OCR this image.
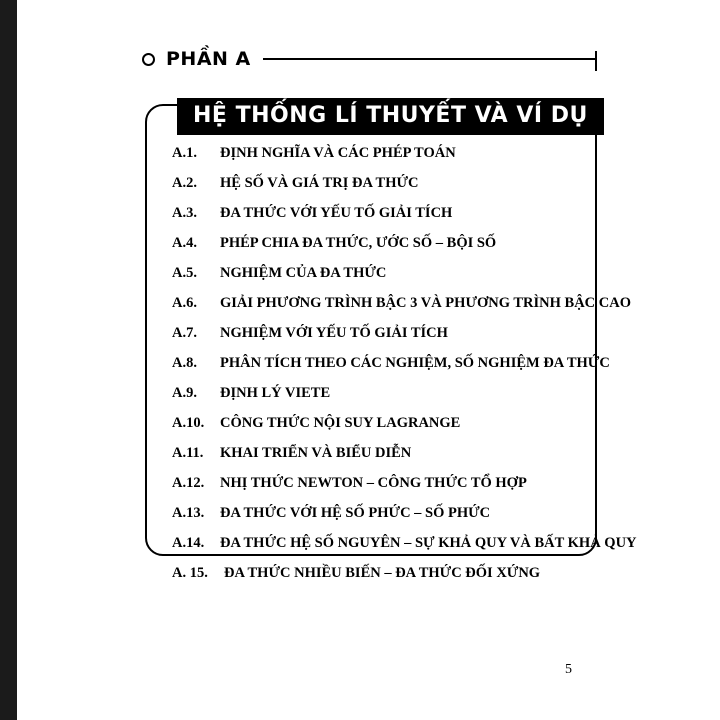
PHẦN A
HỆ THỐNG LÍ THUYẾT VÀ VÍ DỤ
A.1.	ĐỊNH NGHĨA VÀ CÁC PHÉP TOÁN
A.2.	HỆ SỐ VÀ GIÁ TRỊ ĐA THỨC
A.3.	ĐA THỨC VỚI YẾU TỐ GIẢI TÍCH
A.4.	PHÉP CHIA ĐA THỨC, ƯỚC SỐ – BỘI SỐ
A.5.	NGHIỆM CỦA ĐA THỨC
A.6.	GIẢI PHƯƠNG TRÌNH BẬC 3 VÀ PHƯƠNG TRÌNH BẬC CAO
A.7.	NGHIỆM VỚI YẾU TỐ GIẢI TÍCH
A.8.	PHÂN TÍCH THEO CÁC NGHIỆM, SỐ NGHIỆM ĐA THỨC
A.9.	ĐỊNH LÝ VIETE
A.10.	CÔNG THỨC NỘI SUY LAGRANGE
A.11.	KHAI TRIỂN VÀ BIỂU DIỄN
A.12.	NHỊ THỨC NEWTON – CÔNG THỨC TỔ HỢP
A.13.	ĐA THỨC VỚI HỆ SỐ PHỨC – SỐ PHỨC
A.14.	ĐA THỨC HỆ SỐ NGUYÊN – SỰ KHẢ QUY VÀ BẤT KHẢ QUY
A. 15.	ĐA THỨC NHIỀU BIẾN – ĐA THỨC ĐỐI XỨNG
5
